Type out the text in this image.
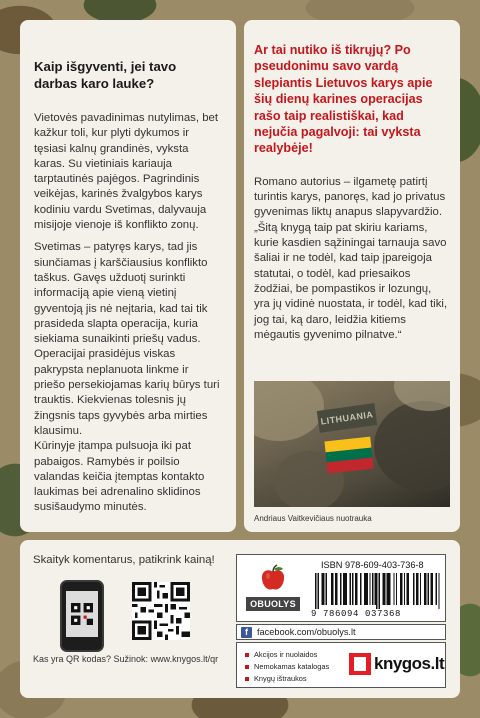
Kaip išgyventi, jei tavo darbas karo lauke?

Vietovės pavadinimas nutylimas, bet kažkur toli, kur plyti dykumos ir tęsiasi kalnų grandinės, vyksta karas. Su vietiniais kariauja tarptautinės pajėgos. Pagrindinis veikėjas, karinės žvalgybos karys kodiniu vardu Svetimas, dalyvauja misijoje vienoje iš konflikto zonų.

Svetimas – patyręs karys, tad jis siunčiamas į karščiausius konflikto taškus. Gavęs užduotį surinkti informaciją apie vieną vietinį gyventoją jis nė neįtaria, kad tai tik prasideda slapta operacija, kuria siekiama sunaikinti priešų vadus. Operacijai prasidėjus viskas pakrypsta neplanuota linkme ir priešo persekiojamas karių būrys turi trauktis. Kiekvienas tolesnis jų žingsnis taps gyvybės arba mirties klausimu.

Kūrinyje įtampa pulsuoja iki pat pabaigos. Ramybės ir poilsio valandas keičia įtemptas kontakto laukimas bei adrenalino sklidinos susišaudymo minutės.

Ar tai nutiko iš tikrųjų? Po pseudonimu savo vardą slepiantis Lietuvos karys apie šių dienų karines operacijas rašo taip realistiškai, kad nejučia pagalvoji: tai vyksta realybėje!
Romano autorius – ilgametę patirtį turintis karys, panoręs, kad jo privatus gyvenimas liktų anapus slapyvardžio. „Šitą knygą taip pat skiriu kariams, kurie kasdien sąžiningai tarnauja savo šaliai ir ne todėl, kad taip įpareigoja statutai, o todėl, kad priesaikos žodžiai, be pompastikos ir lozungų, yra jų vidinė nuostata, ir todėl, kad tiki, jog tai, ką daro, leidžia kitiems mėgautis gyvenimo pilnatve.“
LITHUANIA
Andriaus Vaitkevičiaus nuotrauka
Skaityk komentarus, patikrink kainą!
Kas yra QR kodas? Sužinok: www.knygos.lt/qr
OBUOLYS
ISBN 978-609-403-736-8
9 786094 037368
f facebook.com/obuolys.lt
Akcijos ir nuolaidos
Nemokamas katalogas
Knygų ištraukos
knygos.lt
